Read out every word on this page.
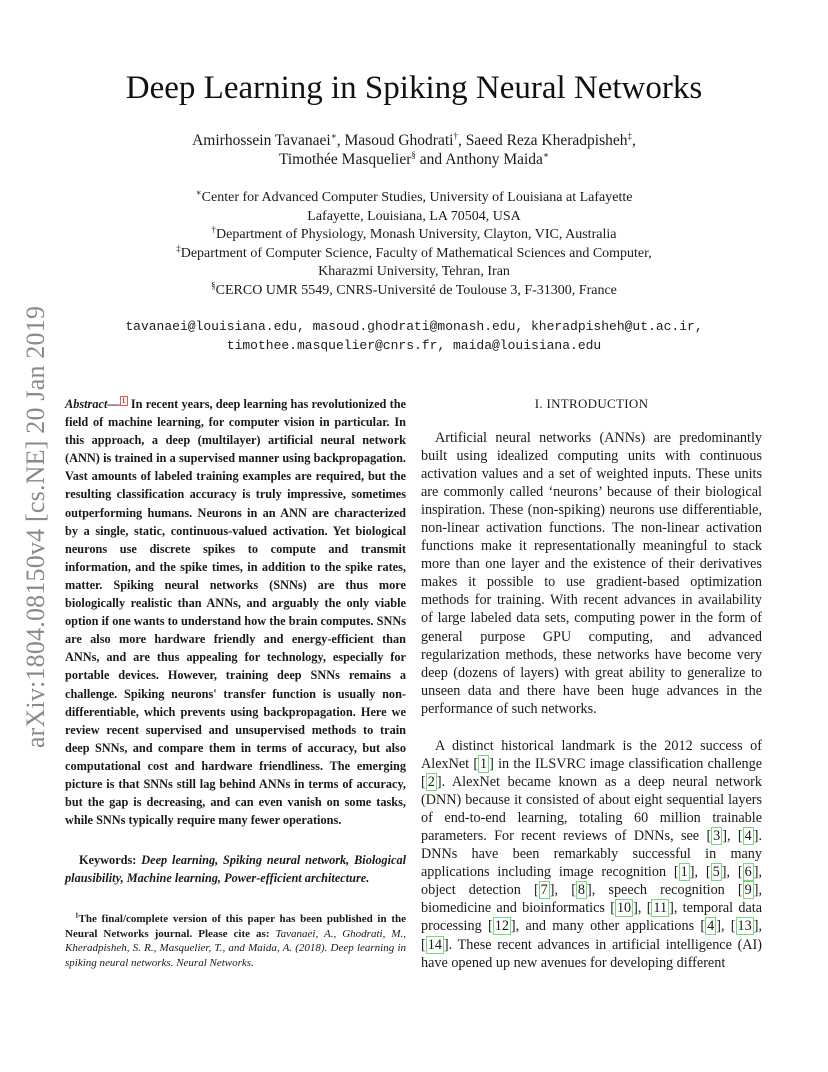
arXiv:1804.08150v4 [cs.NE] 20 Jan 2019
Deep Learning in Spiking Neural Networks
Amirhossein Tavanaei∗, Masoud Ghodrati†, Saeed Reza Kheradpisheh‡,
Timothée Masquelier§ and Anthony Maida∗
∗Center for Advanced Computer Studies, University of Louisiana at Lafayette
Lafayette, Louisiana, LA 70504, USA
†Department of Physiology, Monash University, Clayton, VIC, Australia
‡Department of Computer Science, Faculty of Mathematical Sciences and Computer,
Kharazmi University, Tehran, Iran
§CERCO UMR 5549, CNRS-Université de Toulouse 3, F-31300, France
tavanaei@louisiana.edu, masoud.ghodrati@monash.edu, kheradpisheh@ut.ac.ir,
timothee.masquelier@cnrs.fr, maida@louisiana.edu
Abstract— 1 In recent years, deep learning has revolutionized the field of machine learning, for computer vision in particular. In this approach, a deep (multilayer) artificial neural network (ANN) is trained in a supervised manner using backpropagation. Vast amounts of labeled training examples are required, but the resulting classification accuracy is truly impressive, sometimes outperforming humans. Neurons in an ANN are characterized by a single, static, continuous-valued activation. Yet biological neurons use discrete spikes to compute and transmit information, and the spike times, in addition to the spike rates, matter. Spiking neural networks (SNNs) are thus more biologically realistic than ANNs, and arguably the only viable option if one wants to understand how the brain computes. SNNs are also more hardware friendly and energy-efficient than ANNs, and are thus appealing for technology, especially for portable devices. However, training deep SNNs remains a challenge. Spiking neurons' transfer function is usually non-differentiable, which prevents using backpropagation. Here we review recent supervised and unsupervised methods to train deep SNNs, and compare them in terms of accuracy, but also computational cost and hardware friendliness. The emerging picture is that SNNs still lag behind ANNs in terms of accuracy, but the gap is decreasing, and can even vanish on some tasks, while SNNs typically require many fewer operations.
Keywords: Deep learning, Spiking neural network, Biological plausibility, Machine learning, Power-efficient architecture.
$^1$The final/complete version of this paper has been published in the Neural Networks journal. Please cite as: Tavanaei, A., Ghodrati, M., Kheradpisheh, S. R., Masquelier, T., and Maida, A. (2018). Deep learning in spiking neural networks. Neural Networks.
I. INTRODUCTION

Artificial neural networks (ANNs) are predominantly built using idealized computing units with continuous activation values and a set of weighted inputs. These units are commonly called ‘neurons’ because of their biological inspiration. These (non-spiking) neurons use differentiable, non-linear activation functions. The non-linear activation functions make it representationally meaningful to stack more than one layer and the existence of their derivatives makes it possible to use gradient-based optimization methods for training. With recent advances in availability of large labeled data sets, computing power in the form of general purpose GPU computing, and advanced regularization methods, these networks have become very deep (dozens of layers) with great ability to generalize to unseen data and there have been huge advances in the performance of such networks.

A distinct historical landmark is the 2012 success of AlexNet [ 1 ] in the ILSVRC image classification challenge [ 2 ]. AlexNet became known as a deep neural network (DNN) because it consisted of about eight sequential layers of end-to-end learning, totaling 60 million trainable parameters. For recent reviews of DNNs, see [ 3 ], [ 4 ]. DNNs have been remarkably successful in many applications including image recognition [ 1 ], [ 5 ], [ 6 ], object detection [ 7 ], [ 8 ], speech recognition [ 9 ], biomedicine and bioinformatics [ 10 ], [ 11 ], temporal data processing [ 12 ], and many other applications [ 4 ], [ 13 ], [ 14 ]. These recent advances in artificial intelligence (AI) have opened up new avenues for developing different
